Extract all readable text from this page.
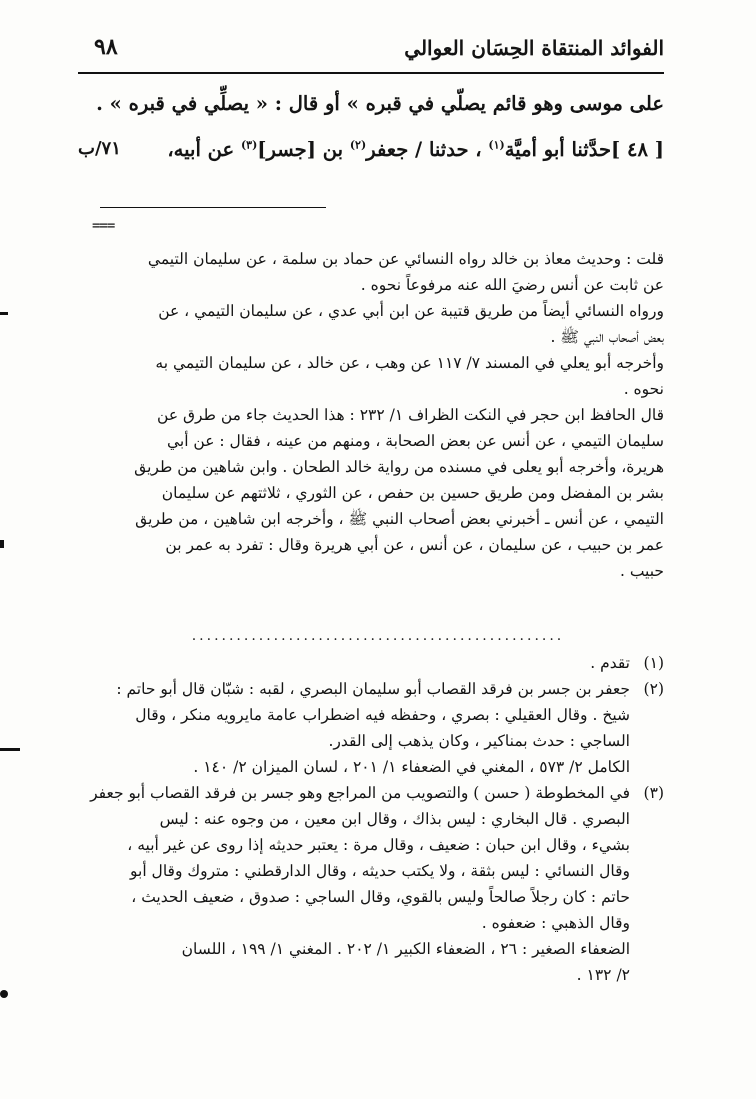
الفوائد المنتقاة الحِسَان العوالي
٩٨
على موسى وهو قائم يصلّي في قبره » أو قال : « يصلِّي في قبره » .
[ ٤٨ ]حدَّثنا أبو أميَّة$^{(١)}$ ، حدثنا / جعفر$^{(٢)}$ بن [جسر]$^{(٣)}$ عن أبيه،
٧١/ب
===

قلت : وحديث معاذ بن خالد رواه النسائي عن حماد بن سلمة ، عن سليمان التيمي
عن ثابت عن أنس رضيَ الله عنه مرفوعاً نحوه .

ورواه النسائي أيضاً من طريق قتيبة عن ابن أبي عدي ، عن سليمان التيمي ، عن
بعض أصحاب النبي ﷺ .

وأخرجه أبو يعلي في المسند ٧/ ١١٧ عن وهب ، عن خالد ، عن سليمان التيمي به
نحوه .

قال الحافظ ابن حجر في النكت الظراف ١/ ٢٣٢ : هذا الحديث جاء من طرق عن
سليمان التيمي ، عن أنس عن بعض الصحابة ، ومنهم من عينه ، فقال : عن أبي

هريرة، وأخرجه أبو يعلى في مسنده من رواية خالد الطحان . وابن شاهين من طريق
بشر بن المفضل ومن طريق حسين بن حفص ، عن الثوري ، ثلاثتهم عن سليمان

التيمي ، عن أنس ـ أخبرني بعض أصحاب النبي ﷺ ، وأخرجه ابن شاهين ، من طريق
عمر بن حبيب ، عن سليمان ، عن أنس ، عن أبي هريرة وقال : تفرد به عمر بن

حبيب .

..................................................
(١)
تقدم .
(٢)
جعفر بن جسر بن فرقد القصاب أبو سليمان البصري ، لقبه : شبّان قال أبو حاتم :
شيخ . وقال العقيلي : بصري ، وحفظه فيه اضطراب عامة مايرويه منكر ، وقال
الساجي : حدث بمناكير ، وكان يذهب إلى القدر.
الكامل ٢/ ٥٧٣ ، المغني في الضعفاء ١/ ٢٠١ ، لسان الميزان ٢/ ١٤٠ .
(٣)
في المخطوطة ( حسن ) والتصويب من المراجع وهو جسر بن فرقد القصاب أبو جعفر
البصري . قال البخاري : ليس بذاك ، وقال ابن معين ، من وجوه عنه : ليس
بشيء ، وقال ابن حبان : ضعيف ، وقال مرة : يعتبر حديثه إذا روى عن غير أبيه ،
وقال النسائي : ليس بثقة ، ولا يكتب حديثه ، وقال الدارقطني : متروك وقال أبو
حاتم : كان رجلاً صالحاً وليس بالقوي، وقال الساجي : صدوق ، ضعيف الحديث ،
وقال الذهبي : ضعفوه .
الضعفاء الصغير : ٢٦ ، الضعفاء الكبير ١/ ٢٠٢ . المغني ١/ ١٩٩ ، اللسان
٢/ ١٣٢ .
